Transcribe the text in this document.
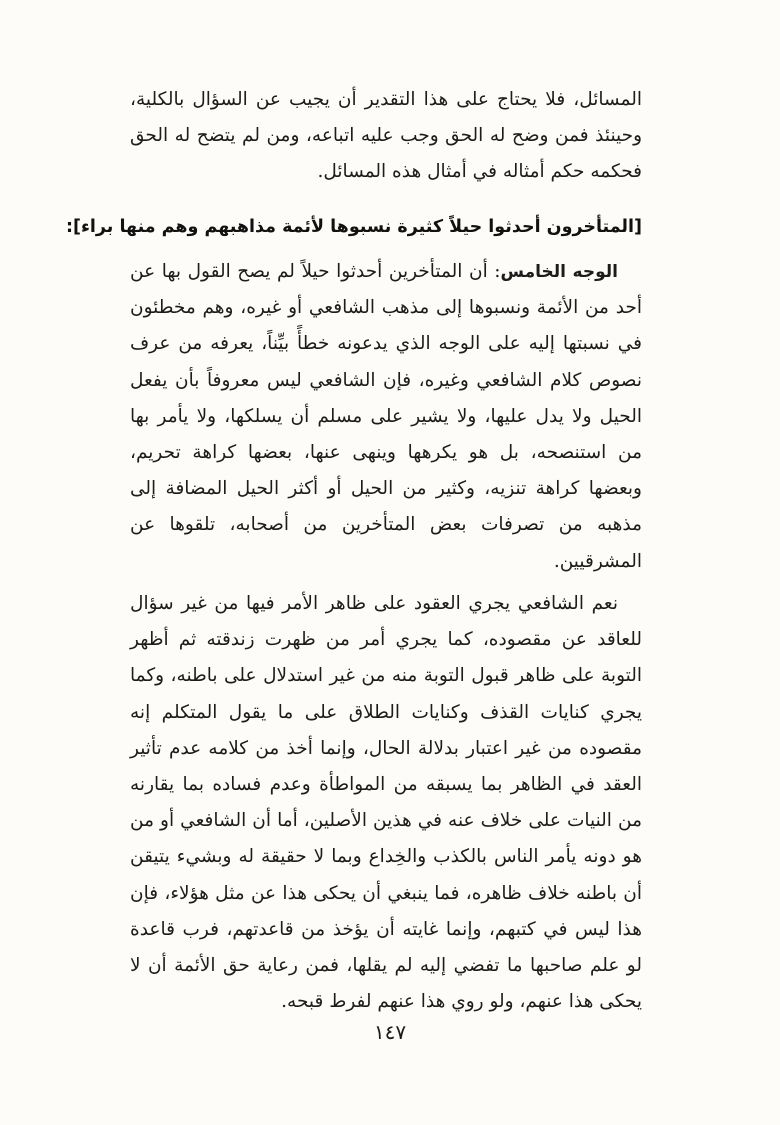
المسائل، فلا يحتاج على هذا التقدير أن يجيب عن السؤال بالكلية، وحينئذ فمن وضح له الحق وجب عليه اتباعه، ومن لم يتضح له الحق فحكمه حكم أمثاله في أمثال هذه المسائل.

[المتأخرون أحدثوا حيلاً كثيرة نسبوها لأئمة مذاهبهم وهم منها براء]:

الوجه الخامس: أن المتأخرين أحدثوا حيلاً لم يصح القول بها عن أحد من الأئمة ونسبوها إلى مذهب الشافعي أو غيره، وهم مخطئون في نسبتها إليه على الوجه الذي يدعونه خطأً بيِّناً، يعرفه من عرف نصوص كلام الشافعي وغيره، فإن الشافعي ليس معروفاً بأن يفعل الحيل ولا يدل عليها، ولا يشير على مسلم أن يسلكها، ولا يأمر بها من استنصحه، بل هو يكرهها وينهى عنها، بعضها كراهة تحريم، وبعضها كراهة تنزيه، وكثير من الحيل أو أكثر الحيل المضافة إلى مذهبه من تصرفات بعض المتأخرين من أصحابه، تلقوها عن المشرقيين.

نعم الشافعي يجري العقود على ظاهر الأمر فيها من غير سؤال للعاقد عن مقصوده، كما يجري أمر من ظهرت زندقته ثم أظهر التوبة على ظاهر قبول التوبة منه من غير استدلال على باطنه، وكما يجري كنايات القذف وكنايات الطلاق على ما يقول المتكلم إنه مقصوده من غير اعتبار بدلالة الحال، وإنما أخذ من كلامه عدم تأثير العقد في الظاهر بما يسبقه من المواطأة وعدم فساده بما يقارنه من النيات على خلاف عنه في هذين الأصلين، أما أن الشافعي أو من هو دونه يأمر الناس بالكذب والخِداع وبما لا حقيقة له وبشيء يتيقن أن باطنه خلاف ظاهره، فما ينبغي أن يحكى هذا عن مثل هؤلاء، فإن هذا ليس في كتبهم، وإنما غايته أن يؤخذ من قاعدتهم، فرب قاعدة لو علم صاحبها ما تفضي إليه لم يقلها، فمن رعاية حق الأئمة أن لا يحكى هذا عنهم، ولو روي هذا عنهم لفرط قبحه.

١٤٧
